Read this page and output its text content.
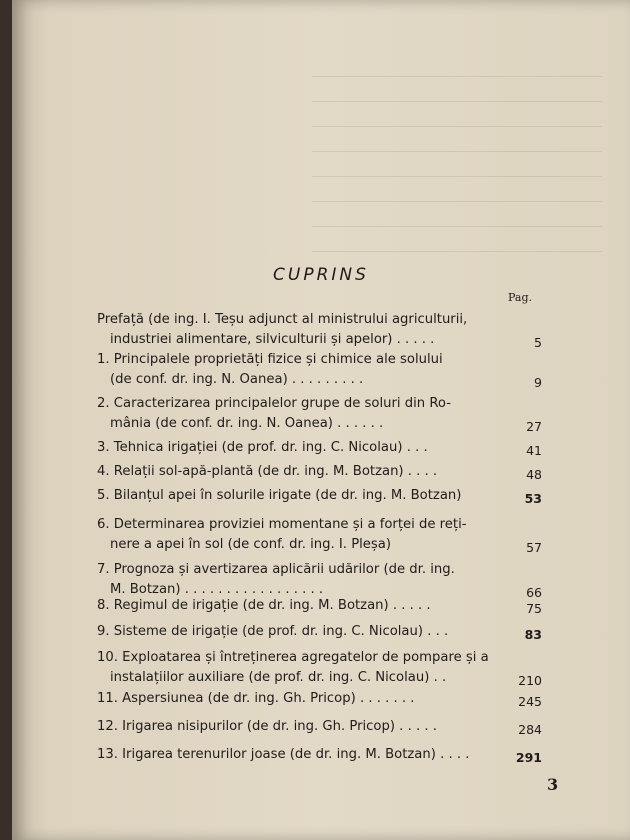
CUPRINS
Pag.
Prefață (de ing. I. Teșu adjunct al ministrului agriculturii,
industriei alimentare, silviculturii și apelor) . . . . .	5
1. Principalele proprietăți fizice și chimice ale solului
(de conf. dr. ing. N. Oanea) . . . . . . . . .	9
2. Caracterizarea principalelor grupe de soluri din Ro-
mânia (de conf. dr. ing. N. Oanea) . . . . . .	27
3. Tehnica irigației (de prof. dr. ing. C. Nicolau) . . .	41
4. Relații sol-apă-plantă (de dr. ing. M. Botzan) . . . .	48
5. Bilanțul apei în solurile irigate (de dr. ing. M. Botzan)	53
6. Determinarea proviziei momentane și a forței de reți-
nere a apei în sol (de conf. dr. ing. I. Pleșa)	57
7. Prognoza și avertizarea aplicării udărilor (de dr. ing.
M. Botzan) . . . . . . . . . . . . . . . . .	66
8. Regimul de irigație (de dr. ing. M. Botzan) . . . . .	75
9. Sisteme de irigație (de prof. dr. ing. C. Nicolau) . . .	83
10. Exploatarea și întreținerea agregatelor de pompare și a
instalațiilor auxiliare (de prof. dr. ing. C. Nicolau) . .	210
11. Aspersiunea (de dr. ing. Gh. Pricop) . . . . . . .	245
12. Irigarea nisipurilor (de dr. ing. Gh. Pricop) . . . . .	284
13. Irigarea terenurilor joase (de dr. ing. M. Botzan) . . . .	291
3
